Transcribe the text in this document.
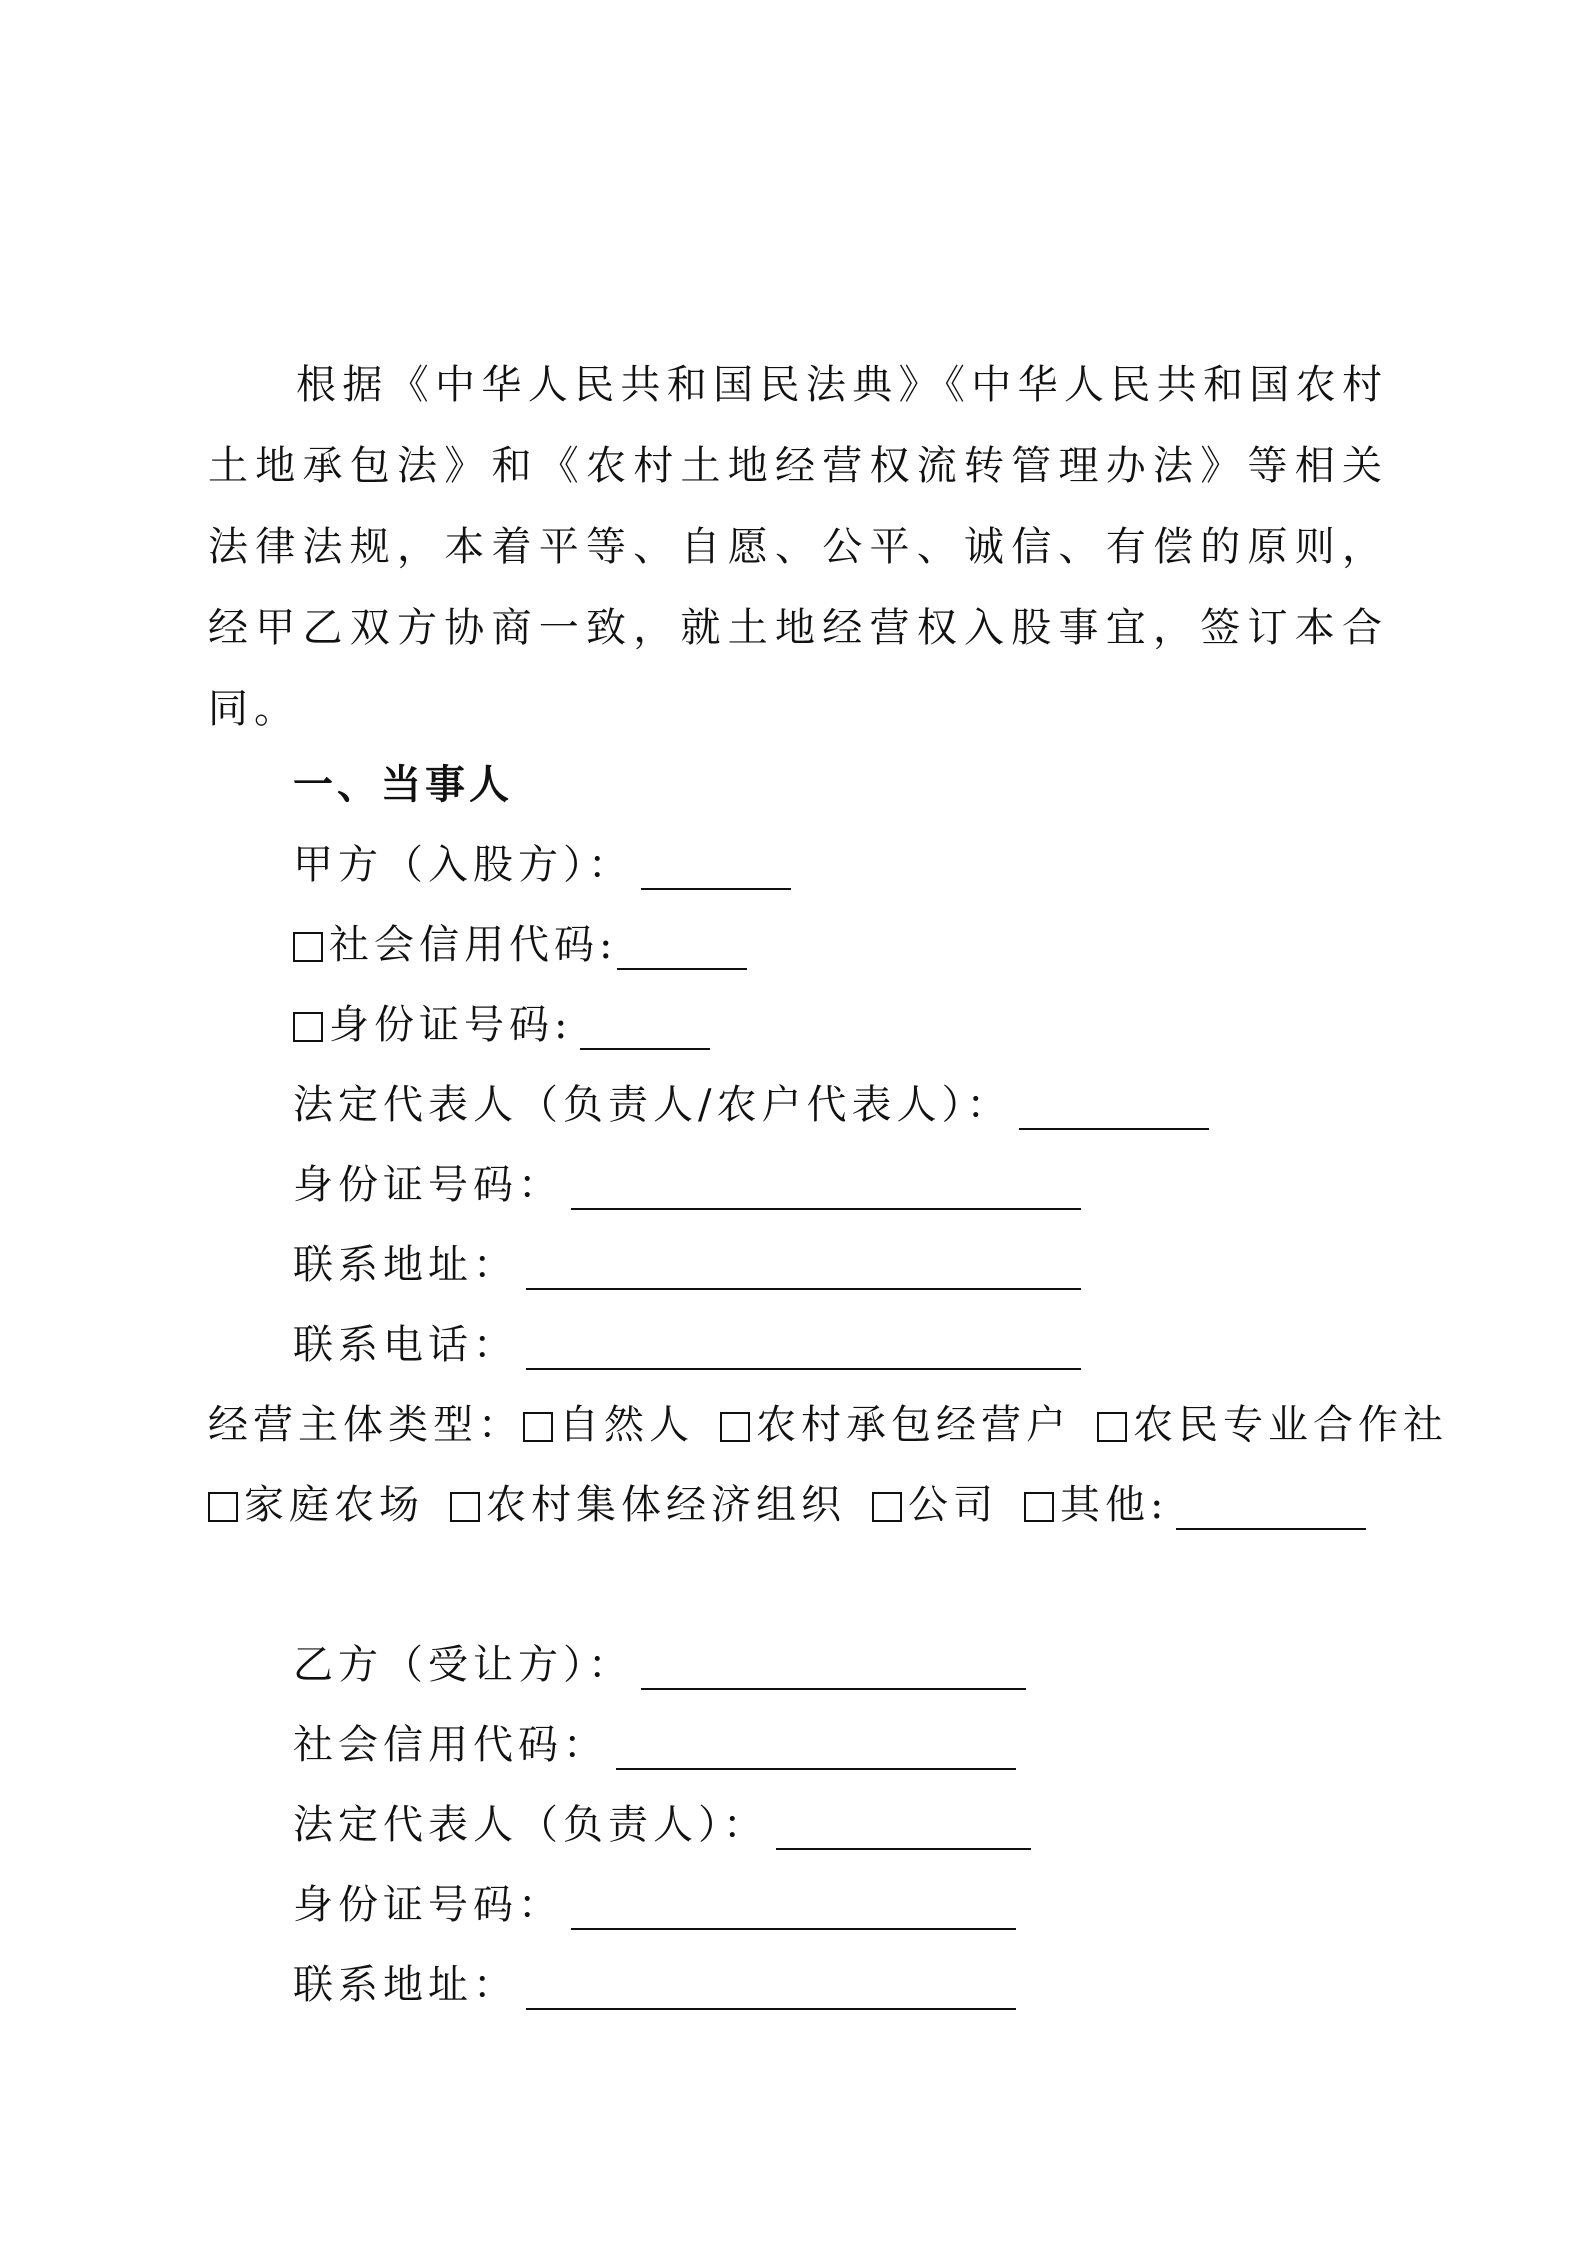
根据《中华人民共和国民法典》《中华人民共和国农村土地承包法》和《农村土地经营权流转管理办法》等相关法律法规，本着平等、自愿、公平、诚信、有偿的原则，经甲乙双方协商一致，就土地经营权入股事宜，签订本合同。

一、当事人
甲方（入股方）：
社会信用代码:
身份证号码:
法定代表人（负责人/农户代表人）：
身份证号码：
联系地址：
联系电话：
经营主体类型： 自然人 农村承包经营户 农民专业合作社
家庭农场 农村集体经济组织 公司 其他:
乙方（受让方）：
社会信用代码：
法定代表人（负责人）：
身份证号码：
联系地址：
